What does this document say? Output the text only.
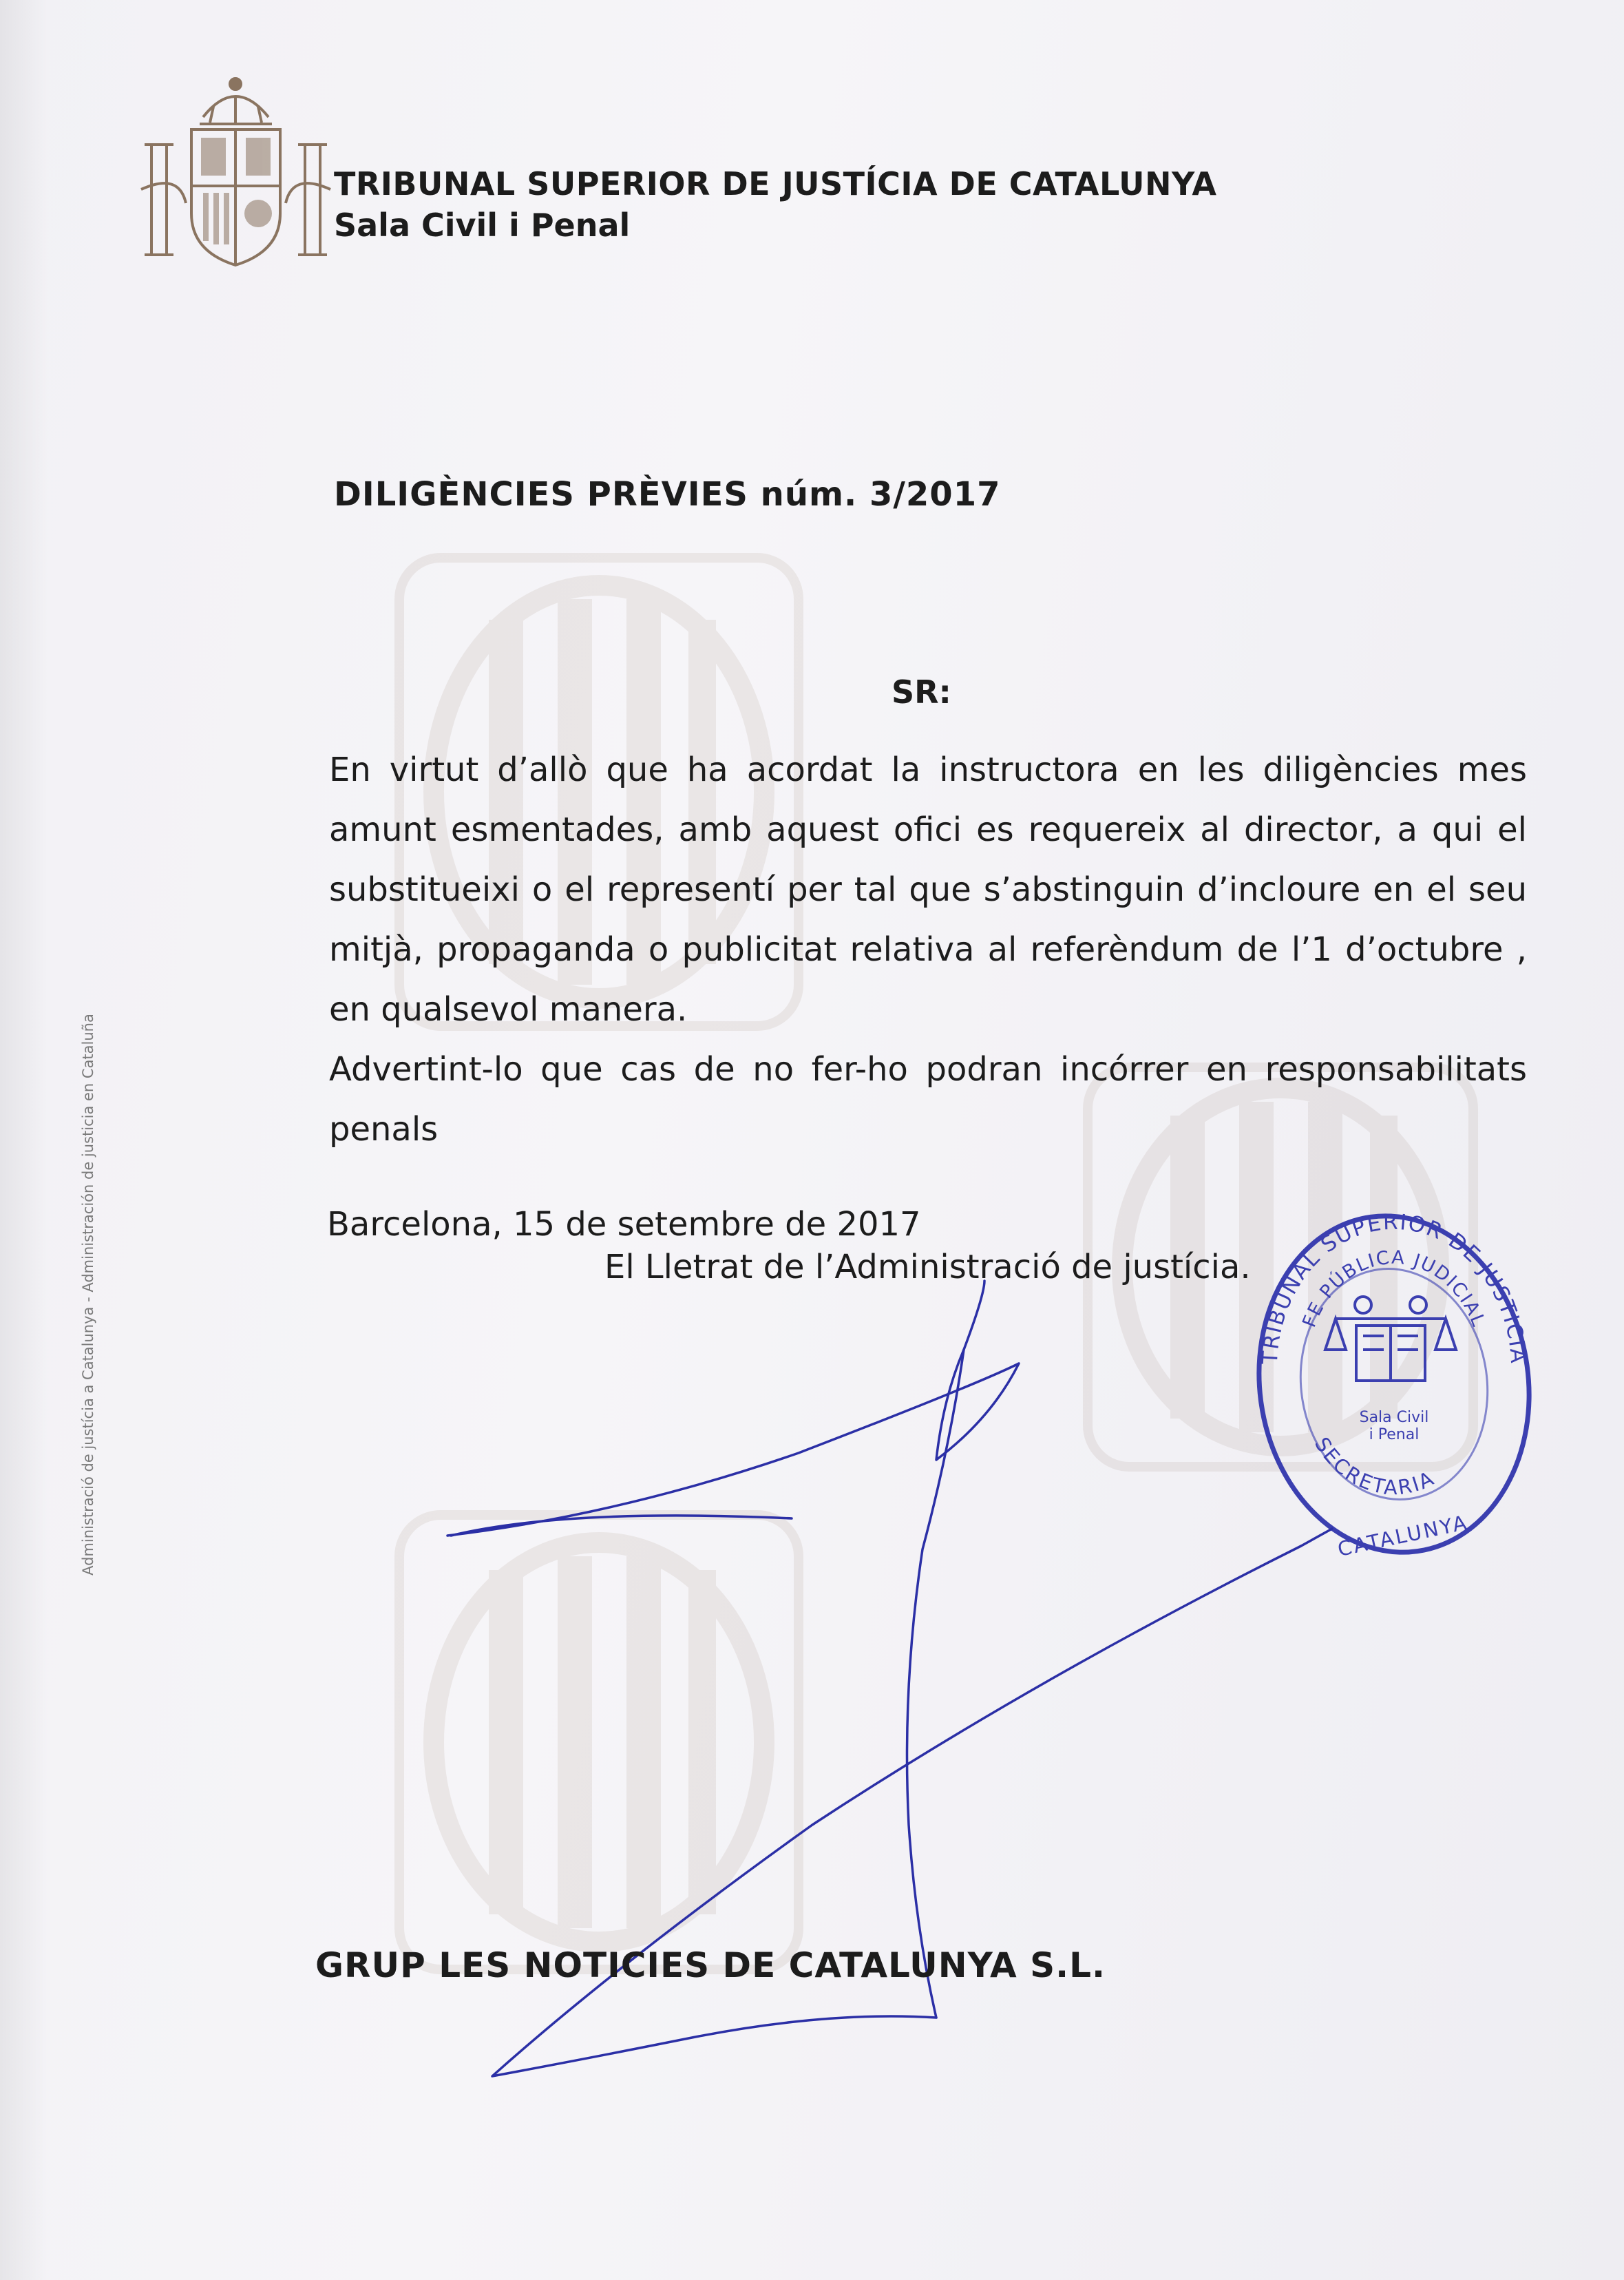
TRIBUNAL SUPERIOR DE JUSTÍCIA DE CATALUNYA
Sala Civil i Penal
DILIGÈNCIES PRÈVIES núm. 3/2017
SR:

En virtut d’allò que ha acordat la instructora en les diligències mes amunt esmentades, amb aquest ofici es requereix al director, a qui el substitueixi o el representí per tal que s’abstinguin d’incloure en el seu mitjà, propaganda o publicitat relativa al referèndum de l’1 d’octubre , en qualsevol manera.

Advertint-lo que cas de no fer-ho podran incórrer en responsabilitats penals

Barcelona, 15 de setembre de 2017
El Lletrat de l’Administració de justícia.
TRIBUNAL SUPERIOR DE JUSTICIA
FE PÚBLICA JUDICIAL
Sala Civil
i Penal
SECRETARIA
CATALUNYA
GRUP LES NOTICIES DE CATALUNYA S.L.
Administració de justícia a Catalunya - Administración de justicia en Cataluña
